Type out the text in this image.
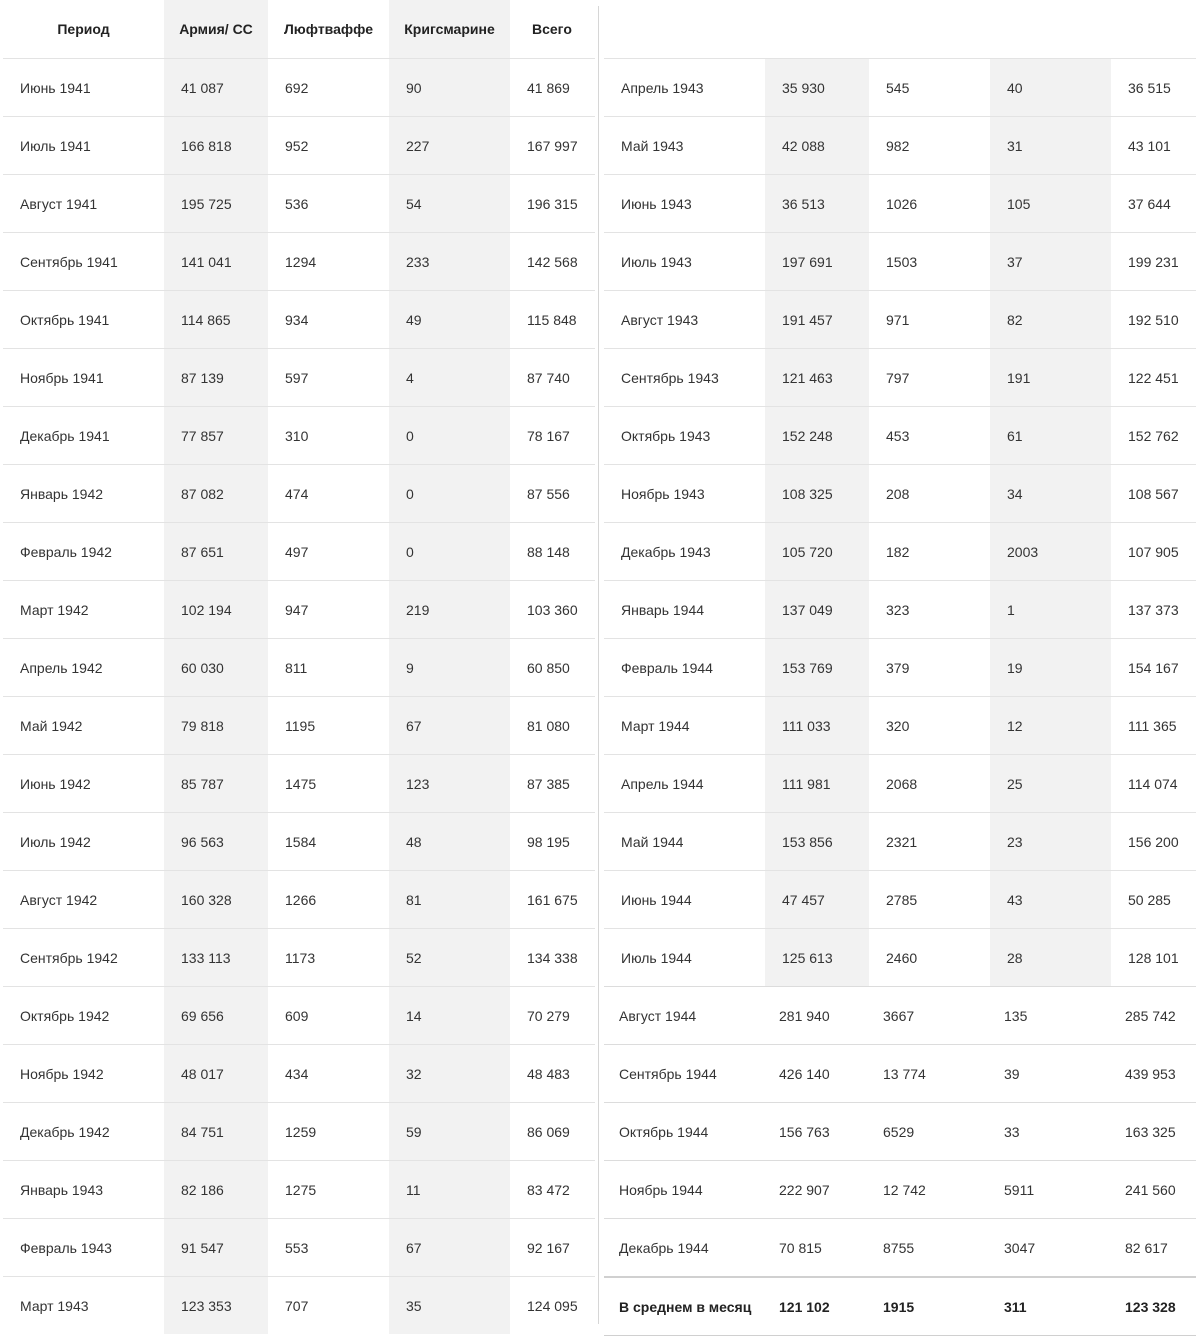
Период	Армия/ СС	Люфтваффе	Кригсмарине	Всего
Июнь 1941	41 087	692	90	41 869
Июль 1941	166 818	952	227	167 997
Август 1941	195 725	536	54	196 315
Сентябрь 1941	141 041	1294	233	142 568
Октябрь 1941	114 865	934	49	115 848
Ноябрь 1941	87 139	597	4	87 740
Декабрь 1941	77 857	310	0	78 167
Январь 1942	87 082	474	0	87 556
Февраль 1942	87 651	497	0	88 148
Март 1942	102 194	947	219	103 360
Апрель 1942	60 030	811	9	60 850
Май 1942	79 818	1195	67	81 080
Июнь 1942	85 787	1475	123	87 385
Июль 1942	96 563	1584	48	98 195
Август 1942	160 328	1266	81	161 675
Сентябрь 1942	133 113	1173	52	134 338
Октябрь 1942	69 656	609	14	70 279
Ноябрь 1942	48 017	434	32	48 483
Декабрь 1942	84 751	1259	59	86 069
Январь 1943	82 186	1275	11	83 472
Февраль 1943	91 547	553	67	92 167
Март 1943	123 353	707	35	124 095
Апрель 1943	35 930	545	40	36 515
Май 1943	42 088	982	31	43 101
Июнь 1943	36 513	1026	105	37 644
Июль 1943	197 691	1503	37	199 231
Август 1943	191 457	971	82	192 510
Сентябрь 1943	121 463	797	191	122 451
Октябрь 1943	152 248	453	61	152 762
Ноябрь 1943	108 325	208	34	108 567
Декабрь 1943	105 720	182	2003	107 905
Январь 1944	137 049	323	1	137 373
Февраль 1944	153 769	379	19	154 167
Март 1944	111 033	320	12	111 365
Апрель 1944	111 981	2068	25	114 074
Май 1944	153 856	2321	23	156 200
Июнь 1944	47 457	2785	43	50 285
Июль 1944	125 613	2460	28	128 101
Август 1944	281 940	3667	135	285 742
Сентябрь 1944	426 140	13 774	39	439 953
Октябрь 1944	156 763	6529	33	163 325
Ноябрь 1944	222 907	12 742	5911	241 560
Декабрь 1944	70 815	8755	3047	82 617
В среднем в месяц	121 102	1915	311	123 328
